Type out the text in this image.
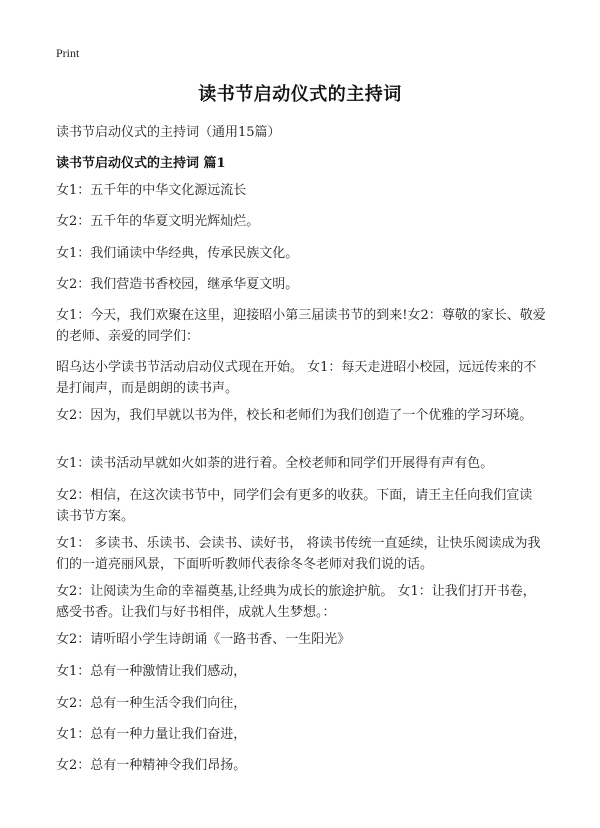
Print
读书节启动仪式的主持词
读书节启动仪式的主持词（通用15篇）
读书节启动仪式的主持词 篇1

女1：五千年的中华文化源远流长

女2：五千年的华夏文明光辉灿烂。

女1：我们诵读中华经典，传承民族文化。

女2：我们营造书香校园，继承华夏文明。

女1：今天，我们欢聚在这里，迎接昭小第三届读书节的到来!女2：尊敬的家长、敬爱的老师、亲爱的同学们：

昭乌达小学读书节活动启动仪式现在开始。 女1：每天走进昭小校园，远远传来的不是打闹声，而是朗朗的读书声。

女2：因为，我们早就以书为伴，校长和老师们为我们创造了一个优雅的学习环境。

女1：读书活动早就如火如荼的进行着。全校老师和同学们开展得有声有色。

女2：相信，在这次读书节中，同学们会有更多的收获。下面，请王主任向我们宣读 读书节方案。

女1： 多读书、乐读书、会读书、读好书， 将读书传统一直延续，让快乐阅读成为我们的一道亮丽风景，下面听听教师代表徐冬冬老师对我们说的话。

女2：让阅读为生命的幸福奠基,让经典为成长的旅途护航。 女1：让我们打开书卷，感受书香。让我们与好书相伴，成就人生梦想。：

女2：请听昭小学生诗朗诵《一路书香、一生阳光》

女1：总有一种激情让我们感动，

女2：总有一种生活令我们向往，

女1：总有一种力量让我们奋进，

女2：总有一种精神令我们昂扬。
